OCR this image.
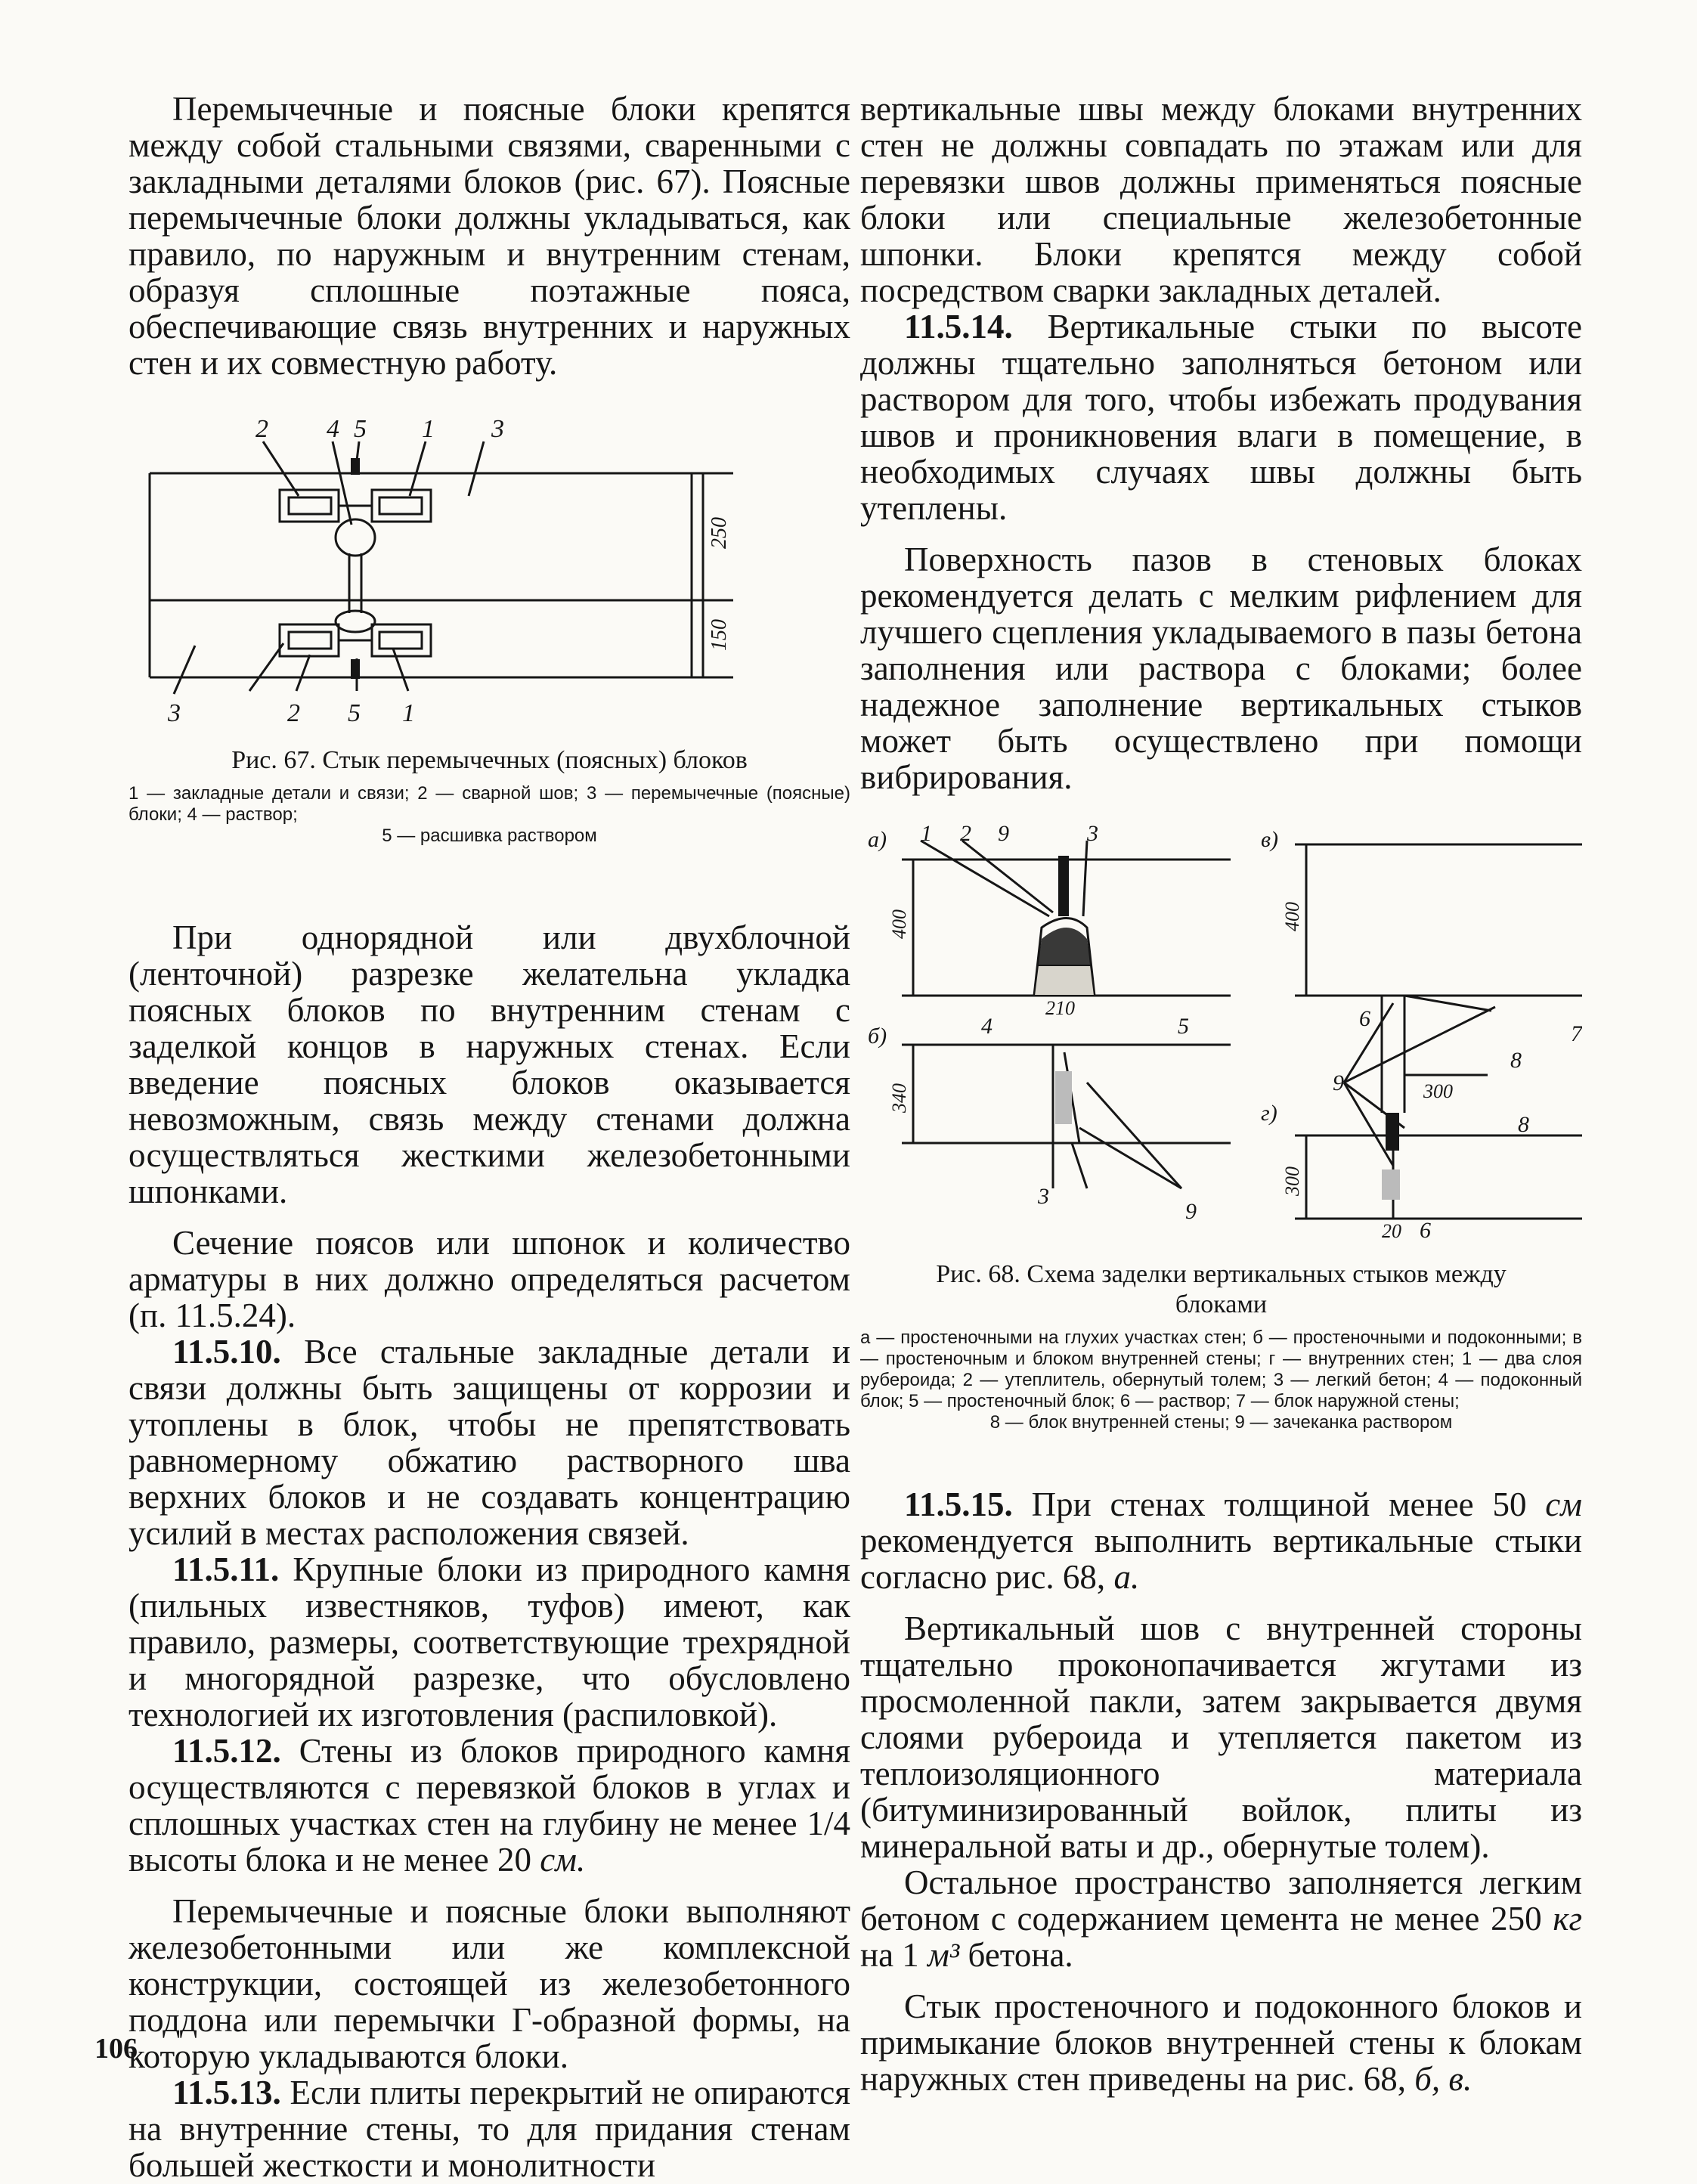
Перемычечные и поясные блоки крепятся между собой стальными связями, сваренными с закладными деталями блоков (рис. 67). Поясные перемычечные блоки должны укладываться, как правило, по наружным и внутренним стенам, образуя сплошные поэтажные пояса, обеспечивающие связь внутренних и наружных стен и их совместную работу.

2 4 5 1 3
250
150
3	2 5 1

Рис. 67. Стык перемычечных (поясных) блоков

1 — закладные детали и связи; 2 — сварной шов; 3 — перемычечные (поясные) блоки; 4 — раствор;

5 — расшивка раствором

При однорядной или двухблочной (ленточной) разрезке желательна укладка поясных блоков по внутренним стенам с заделкой концов в наружных стенах. Если введение поясных блоков оказывается невозможным, связь между стенами должна осуществляться жесткими железобетонными шпонками.

Сечение поясов или шпонок и количество арматуры в них должно определяться расчетом (п. 11.5.24).

11.5.10. Все стальные закладные детали и связи должны быть защищены от коррозии и утоплены в блок, чтобы не препятствовать равномерному обжатию растворного шва верхних блоков и не создавать концентрацию усилий в местах расположения связей.

11.5.11. Крупные блоки из природного камня (пильных известняков, туфов) имеют, как правило, размеры, соответствующие трехрядной и многорядной разрезке, что обусловлено технологией их изготовления (распиловкой).

11.5.12. Стены из блоков природного камня осуществляются с перевязкой блоков в углах и сплошных участках стен на глубину не менее 1/4 высоты блока и не менее 20 см.

Перемычечные и поясные блоки выполняют железобетонными или же комплексной конструкции, состоящей из железобетонного поддона или перемычки Г-образной формы, на которую укладываются блоки.

11.5.13. Если плиты перекрытий не опираются на внутренние стены, то для придания стенам большей жесткости и монолитности

вертикальные швы между блоками внутренних стен не должны совпадать по этажам или для перевязки швов должны применяться поясные блоки или специальные железобетонные шпонки. Блоки крепятся между собой посредством сварки закладных деталей.

11.5.14. Вертикальные стыки по высоте должны тщательно заполняться бетоном или раствором для того, чтобы избежать продувания швов и проникновения влаги в помещение, в необходимых случаях швы должны быть утеплены.

Поверхность пазов в стеновых блоках рекомендуется делать с мелким рифлением для лучшего сцепления укладываемого в пазы бетона заполнения или раствора с блоками; более надежное заполнение вертикальных стыков может быть осуществлено при помощи вибрирования.

а)
б)
в)
г)
1 2 9	3
400
210
4	5
3
9
340
400
6
7
8
9	300
300
8
20 6

Рис. 68. Схема заделки вертикальных стыков между

блоками

а — простеночными на глухих участках стен; б — простеночными и подоконными; в — простеночным и блоком внутренней стены; г — внутренних стен; 1 — два слоя рубероида; 2 — утеплитель, обернутый толем; 3 — легкий бетон; 4 — подоконный блок; 5 — простеночный блок; 6 — раствор; 7 — блок наружной стены;

8 — блок внутренней стены; 9 — зачеканка раствором

11.5.15. При стенах толщиной менее 50 см рекомендуется выполнить вертикальные стыки согласно рис. 68, а.

Вертикальный шов с внутренней стороны тщательно проконопачивается жгутами из просмоленной пакли, затем закрывается двумя слоями рубероида и утепляется пакетом из теплоизоляционного материала (битуминизированный войлок, плиты из минеральной ваты и др., обернутые толем).

Остальное пространство заполняется легким бетоном с содержанием цемента не менее 250 кг на 1 м³ бетона.

Стык простеночного и подоконного блоков и примыкание блоков внутренней стены к блокам наружных стен приведены на рис. 68, б, в.

106
